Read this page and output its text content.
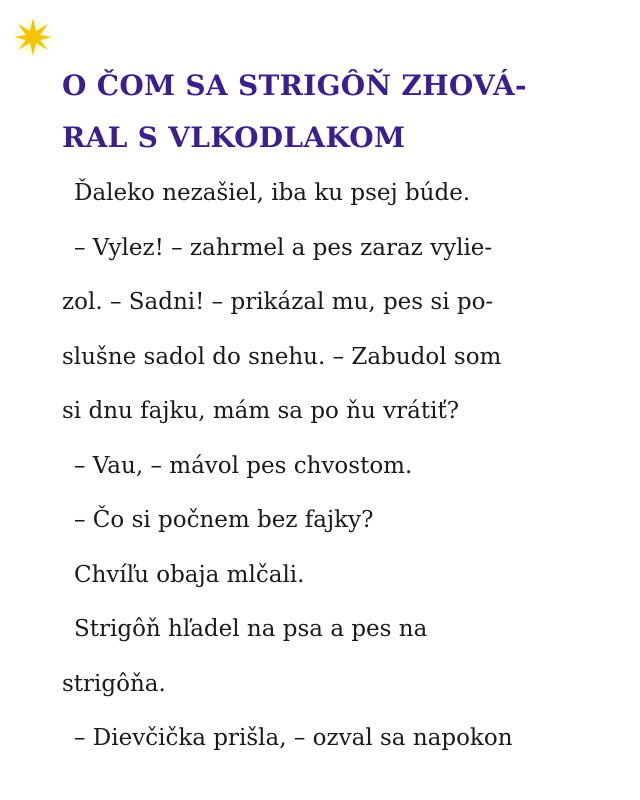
O ČOM SA STRIGÔŇ ZHOVÁ-
RAL S VLKODLAKOM
Ďaleko nezašiel, iba ku psej búde.
– Vylez! – zahrmel a pes zaraz vylie-
zol. – Sadni! – prikázal mu, pes si po-
slušne sadol do snehu. – Zabudol som
si dnu fajku, mám sa po ňu vrátiť?
– Vau, – mávol pes chvostom.
– Čo si počnem bez fajky?
Chvíľu obaja mlčali.
Strigôň hľadel na psa a pes na
strigôňa.
– Dievčička prišla, – ozval sa napokon
